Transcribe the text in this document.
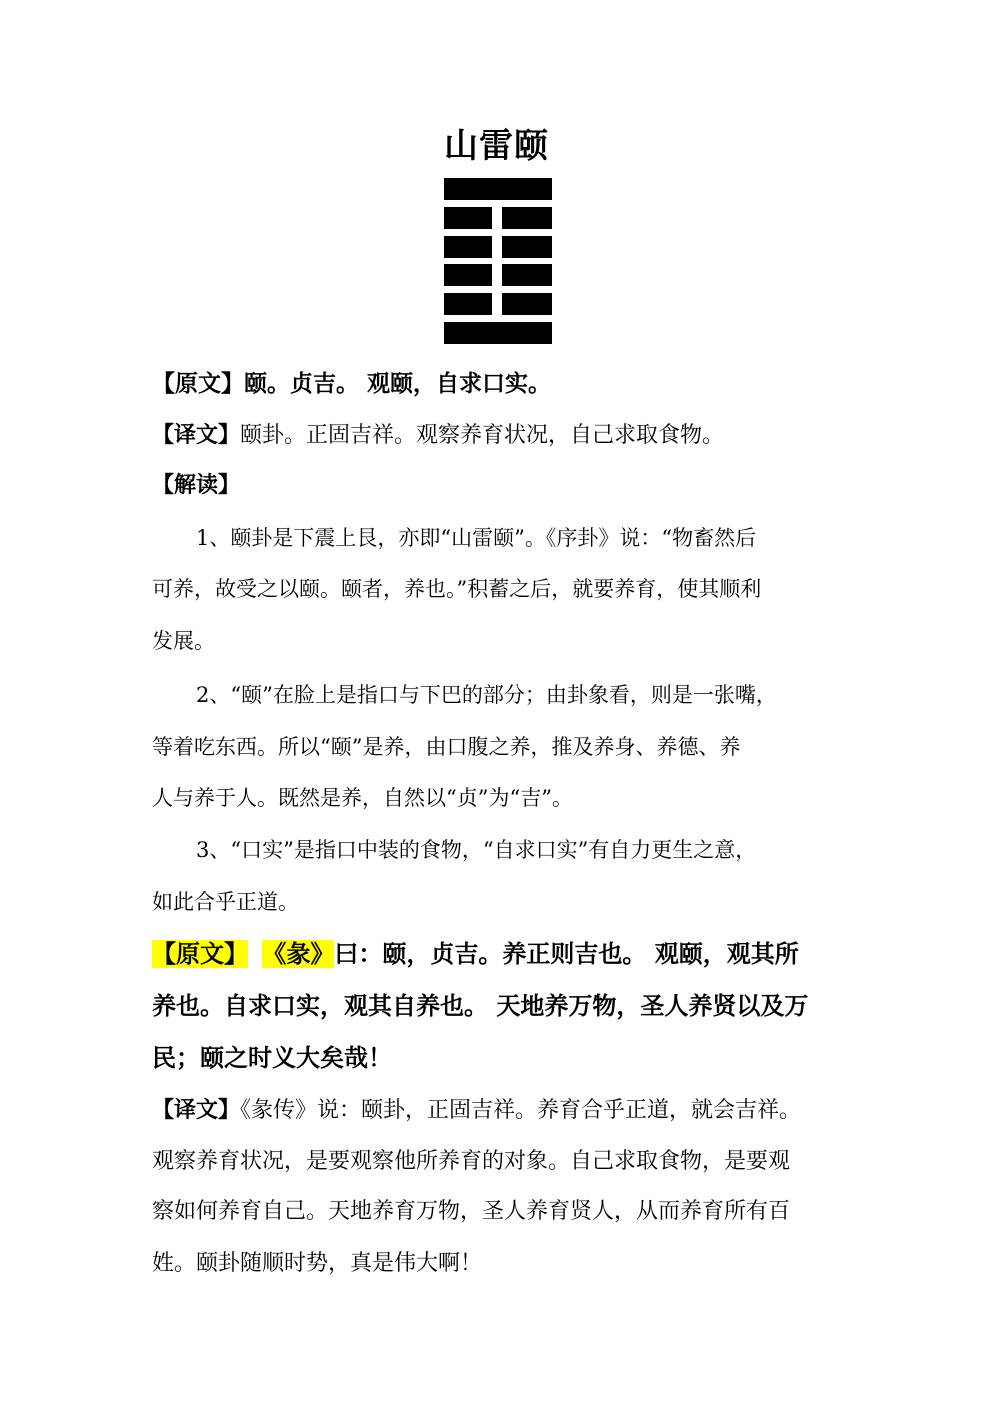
山雷颐
【原文】颐。贞吉。 观颐，自求口实。
【译文】颐卦。正固吉祥。观察养育状况，自己求取食物。
【解读】
1、颐卦是下震上艮，亦即“山雷颐”。《序卦》说：“物畜然后
可养，故受之以颐。颐者，养也。”积蓄之后，就要养育，使其顺利
发展。
2、“颐”在脸上是指口与下巴的部分；由卦象看，则是一张嘴，
等着吃东西。所以“颐”是养，由口腹之养，推及养身、养德、养
人与养于人。既然是养，自然以“贞”为“吉”。
3、“口实”是指口中装的食物，“自求口实”有自力更生之意，
如此合乎正道。
【原文】 《彖》曰：颐，贞吉。养正则吉也。 观颐，观其所
养也。自求口实，观其自养也。 天地养万物，圣人养贤以及万
民；颐之时义大矣哉！
【译文】《彖传》说：颐卦，正固吉祥。养育合乎正道，就会吉祥。
观察养育状况，是要观察他所养育的对象。自己求取食物，是要观
察如何养育自己。天地养育万物，圣人养育贤人，从而养育所有百
姓。颐卦随顺时势，真是伟大啊！
